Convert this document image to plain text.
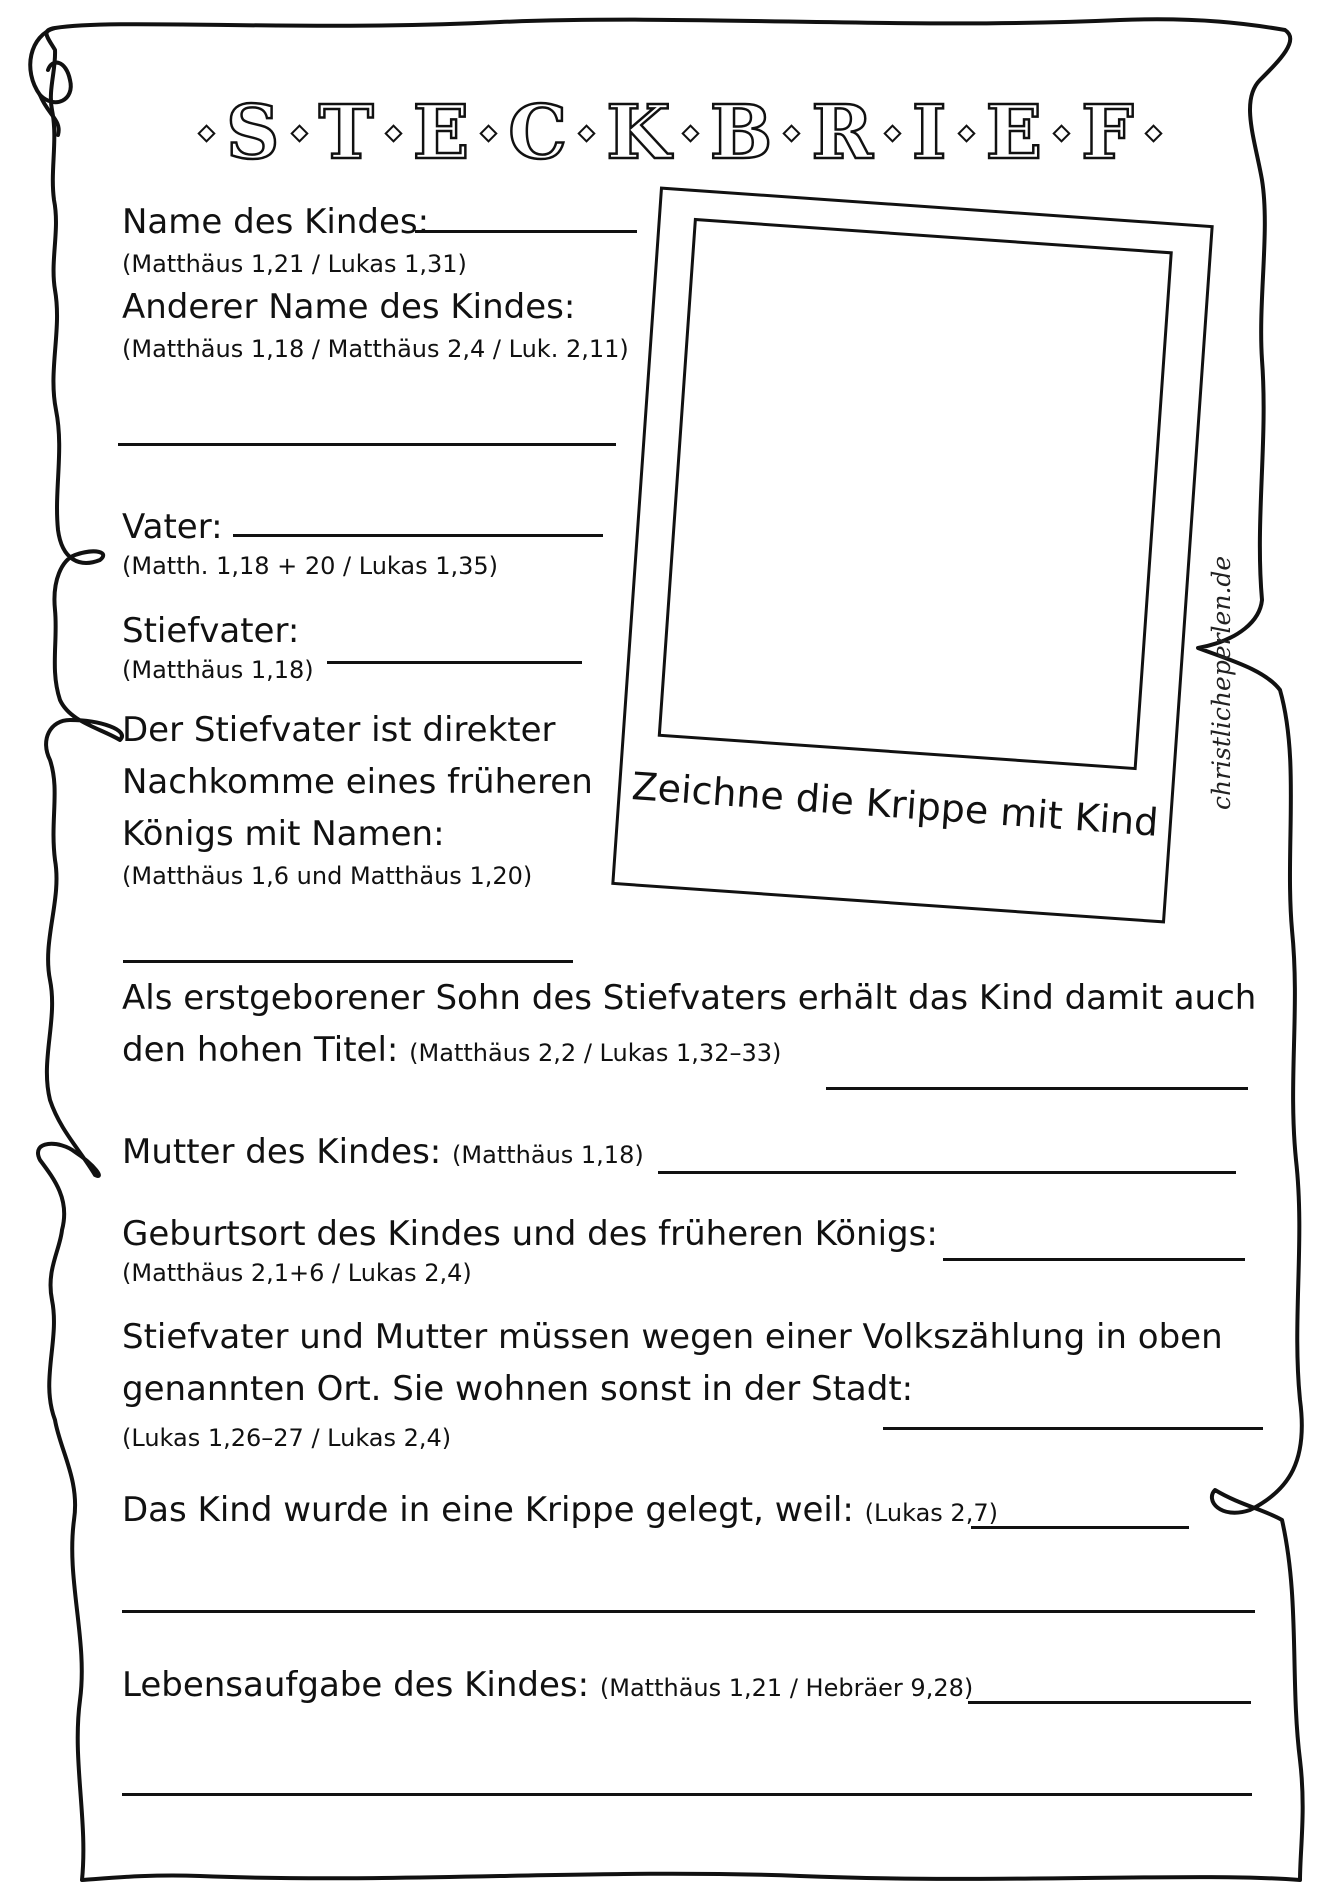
S T E C K B R I E F
Name des Kindes:
(Matthäus 1,21 / Lukas 1,31)
Anderer Name des Kindes:
(Matthäus 1,18 / Matthäus 2,4 / Luk. 2,11)
Vater:
(Matth. 1,18 + 20 / Lukas 1,35)
Stiefvater:
(Matthäus 1,18)
Der Stiefvater ist direkter
Nachkomme eines früheren
Königs mit Namen:
(Matthäus 1,6 und Matthäus 1,20)
Als erstgeborener Sohn des Stiefvaters erhält das Kind damit auch
den hohen Titel: (Matthäus 2,2 / Lukas 1,32–33)
Mutter des Kindes: (Matthäus 1,18)
Geburtsort des Kindes und des früheren Königs:
(Matthäus 2,1+6 / Lukas 2,4)
Stiefvater und Mutter müssen wegen einer Volkszählung in oben
genannten Ort. Sie wohnen sonst in der Stadt:
(Lukas 1,26–27 / Lukas 2,4)
Das Kind wurde in eine Krippe gelegt, weil: (Lukas 2,7)
Lebensaufgabe des Kindes: (Matthäus 1,21 / Hebräer 9,28)
Zeichne die Krippe mit Kind	christlicheperlen.de
